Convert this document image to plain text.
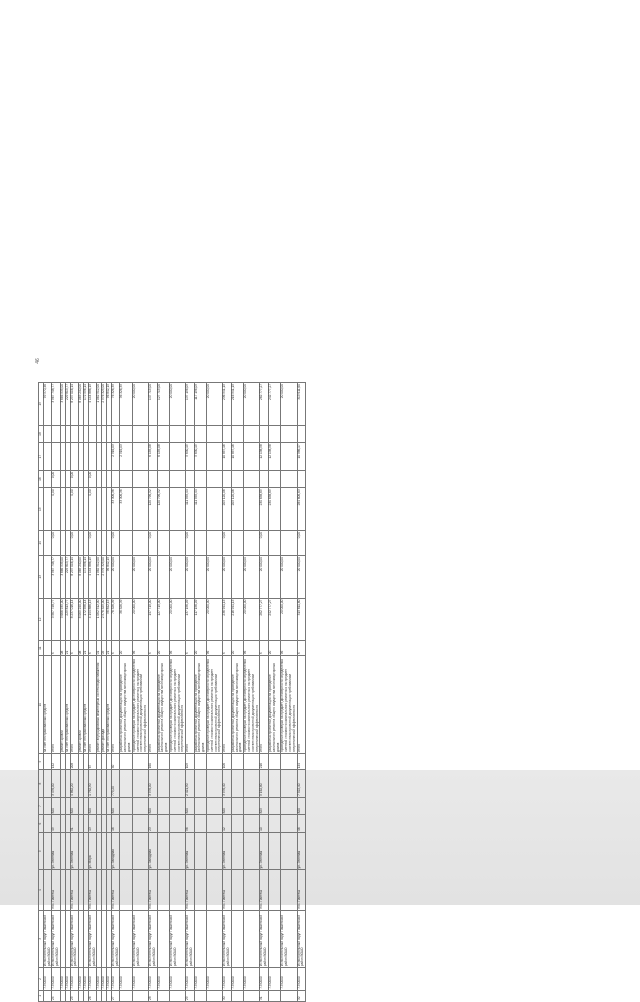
46
1	2	3	4	5	6	7	8	9	10	11	12	13	14	15	16	17	18	19
	7.5:0000	Исполнительный округ Пашенский район ВОАО							за счет нестрахованных средств									99 970,46
24	7.5:0000	Исполнительный округ Пашенский район ВОАО	пос. Пантеш	ул. Зеленая	49	820	3 476,00	142	итого	Х	3 567 748,77	3 567 748,77	0,00	0,00	0,00			3 567 748,77
	7.5:0000								ремонт кровли	08	3 666 935,00	3 666 935,00						3 666 935,00
	7.5:0000								за счет нестрахованных средств	21	229 813,77	229 813,77						229 813,77
25	7.5:0000	Исполнительный округ Пашенский район ВОАО	пос. Пантеш	ул. Зеленая	51	820	4 862,20	208	итого	Х	8 237 016,14	8 237 016,14	0,00	0,00	0,00			8 237 016,14
	7.5:0000								ремонт кровли	08	8 065 240,00	8 065 240,00						8 065 240,00
	7.5:0000								за счет нестрахованных средств	21	172 596,14	172 596,14						172 596,14
26	7.5:0000	Исполнительный округ Пашенский район ВОАО	пос. Пантеш	ул. Мира	13	820	1 762,90	67	итого	Х	4 144 886,15	4 144 886,15	0,00	0,00	0,00			4 144 886,15
	7.5:0000								ремонт внутридомовых инженерных систем водоснабжения	01	1 062 512,00	1 062 512,00						1 062 512,00
	7.5:0000								ремонт фасада	09	2 976 325,00	2 976 325,00						2 976 325,00
	7.5:0000								за счет нестрахованных средств	21	96 842,15	96 842,15						96 842,15
27	7.5:0000	Исполнительный округ Пашенский район ВОАО	пос. Пантеш	ул. Западная	16	820	779,20	40	итого	Х	76 326,39	20 000,00	0,00	33 306,36		2 916,03		76 326,39
	7.5:0000								разработка проектной документации на проведение капитального ремонта общего имущества многоквартирных домов	20	36 326,39			33 306,36		2 916,03		36 326,39
	7.5:0000	Исполнительный округ Пашенский район ВОАО							проведение проверки на предмет достоверности определения сметной стоимости капитального ремонта и на предмет соответствия проектной документации требованиям энергетической эффективности	96	20 000,00	20 000,00						20 000,00
28	7.5:0000	Исполнительный округ Пашенский район ВОАО	пос. Пантеш	ул. Западная	23	820	3 976,00	160	итого	Х	147 715,00	20 000,00	0,00	120 796,52		6 155,08		147 715,00
	7.5:0000								разработка проектной документации на проведение капитального ремонта общего имущества многоквартирных домов	20	127 715,00			120 796,52		6 155,08		127 715,00
	7.5:0000	Исполнительный округ Пашенский район ВОАО							проведение проверки на предмет достоверности определения сметной стоимости капитального ремонта и на предмет соответствия проектной документации требованиям энергетической эффективности	96	20 000,00	20 000,00						20 000,00
29	7.5:0000	Исполнительный округ Пашенский район ВОАО	пос. Пантеш	ул. Зеленая	56	820	2 421,90	109	итого	Х	137 196,09	20 000,00	0,00	111 555,44		5 630,15		137 196,09
	7.5:0000								разработка проектной документации на проведение капитального ремонта общего имущества многоквартирных домов	20	117 196,09			111 555,44		5 630,15		117 196,09
	7.5:0000								проведение проверки на предмет достоверности определения сметной стоимости капитального ремонта и на предмет соответствия проектной документации требованиям энергетической эффективности	96	20 000,00	20 000,00						20 000,00
30	7.5:0000	Исполнительный округ Пашенский район ВОАО	пос. Пантеш	ул. Зеленая	12	820	3 976,40	106	итого	Х	236 941,15	20 000,00	0,00	205 120,06		10 857,16		236 941,15
	7.5:0000								разработка проектной документации на проведение капитального ремонта общего имущества многоквартирных домов	20	216 941,15			205 120,06		10 857,16		216 941,15
	7.5:0000								проведение проверки на предмет достоверности определения сметной стоимости капитального ремонта и на предмет соответствия проектной документации требованиям энергетической эффективности	96	20 000,00	20 000,00						20 000,00
31	7.5:0000	Исполнительный округ Пашенский район ВОАО	пос. Пантеш	ул. Зеленая	10	825	5 162,80	216	итого	Х	262 777,27	20 000,00	0,00	230 638,69		12 138,58		262 777,27
	7.5:0000								разработка проектной документации на проведение капитального ремонта общего имущества многоквартирных домов	20	242 777,27			230 638,69		12 138,58		242 777,27
	7.5:0000	Исполнительный округ Пашенский район ВОАО							проведение проверки на предмет достоверности определения сметной стоимости капитального ремонта и на предмет соответствия проектной документации требованиям энергетической эффективности	96	20 000,00	20 000,00						20 000,00
32	7.5:0000	Исполнительный округ Пашенский район ВОАО	пос. Пантеш	ул. Зеленая	46	820	7 522,40	144	итого	Х	315 611,60	20 000,00	0,00	284 606,63		10 986,17		315 611,60
